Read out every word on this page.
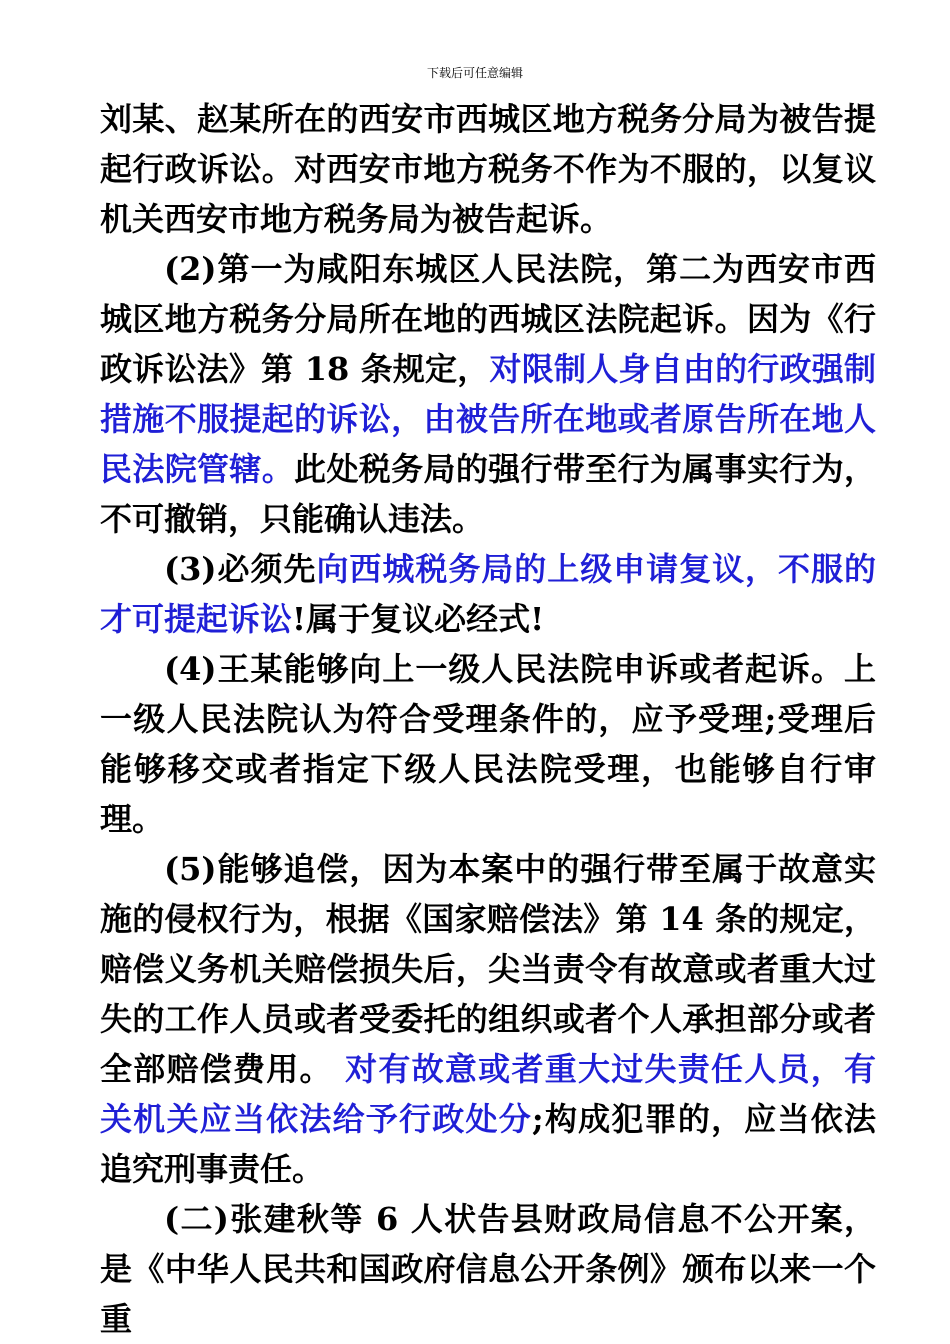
下载后可任意编辑

刘某、赵某所在的西安市西城区地方税务分局为被告提起行政诉讼。对西安市地方税务不作为不服的，以复议机关西安市地方税务局为被告起诉。

(2)第一为咸阳东城区人民法院，第二为西安市西城区地方税务分局所在地的西城区法院起诉。因为《行政诉讼法》第 18 条规定，对限制人身自由的行政强制措施不服提起的诉讼，由被告所在地或者原告所在地人民法院管辖。此处税务局的强行带至行为属事实行为，不可撤销，只能确认违法。

(3)必须先向西城税务局的上级申请复议，不服的才可提起诉讼!属于复议必经式!

(4)王某能够向上一级人民法院申诉或者起诉。上一级人民法院认为符合受理条件的，应予受理;受理后能够移交或者指定下级人民法院受理，也能够自行审理。

(5)能够追偿，因为本案中的强行带至属于故意实施的侵权行为，根据《国家赔偿法》第 14 条的规定，赔偿义务机关赔偿损失后，尖当责令有故意或者重大过失的工作人员或者受委托的组织或者个人承担部分或者全部赔偿费用。 对有故意或者重大过失责任人员，有关机关应当依法给予行政处分;构成犯罪的，应当依法追究刑事责任。

(二)张建秋等 6 人状告县财政局信息不公开案，是《中华人民共和国政府信息公开条例》颁布以来一个重
